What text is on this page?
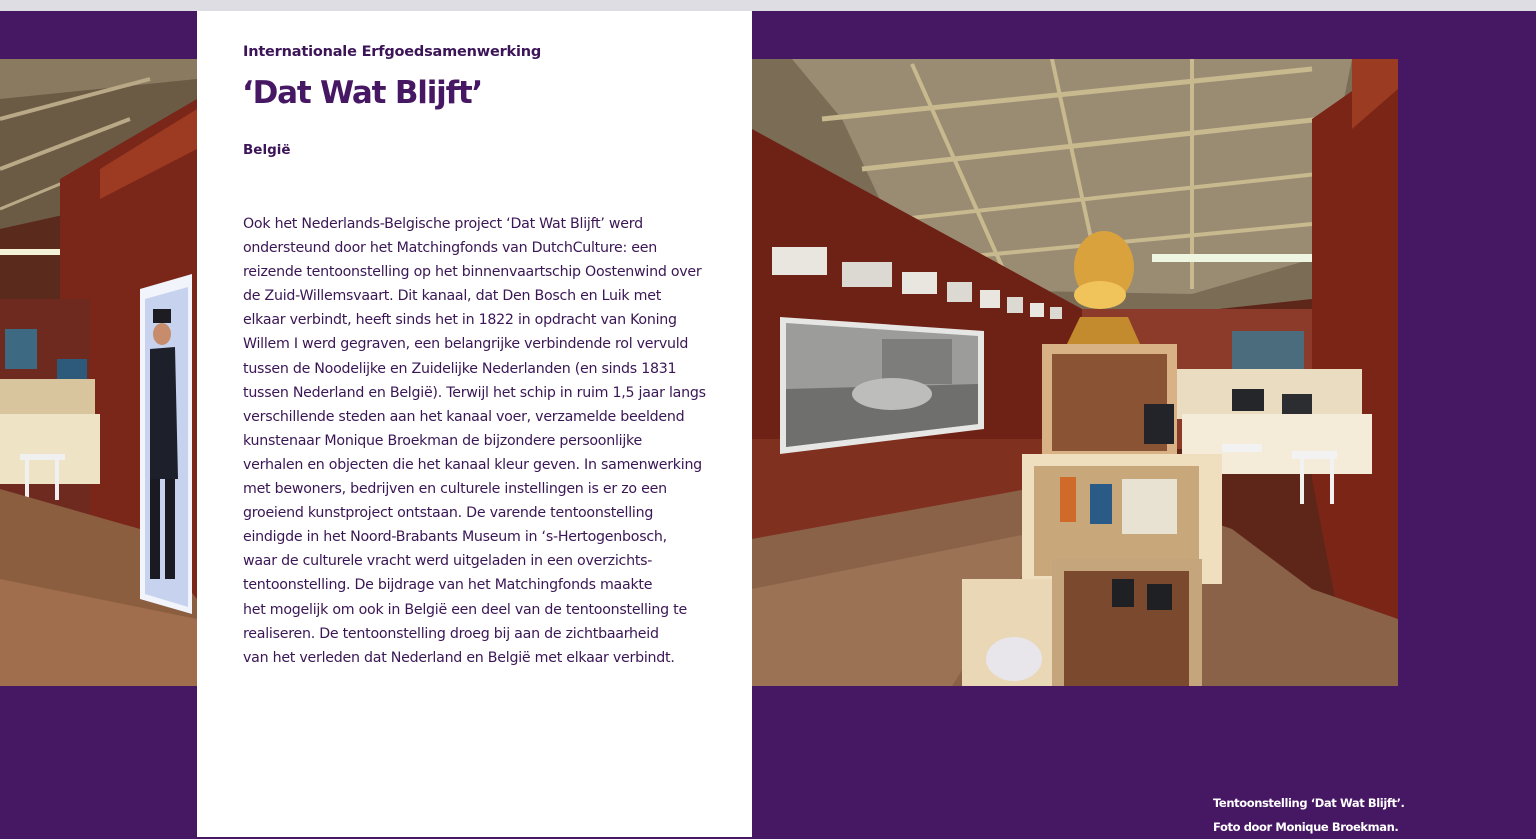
Internationale Erfgoedsamenwerking

‘Dat Wat Blijft’

België

Ook het Nederlands-Belgische project ‘Dat Wat Blijft’ werd
ondersteund door het Matchingfonds van DutchCulture: een
reizende tentoonstelling op het binnenvaartschip Oostenwind over
de Zuid-Willemsvaart. Dit kanaal, dat Den Bosch en Luik met
elkaar verbindt, heeft sinds het in 1822 in opdracht van Koning
Willem I werd gegraven, een belangrijke verbindende rol vervuld
tussen de Noodelijke en Zuidelijke Nederlanden (en sinds 1831
tussen Nederland en België). Terwijl het schip in ruim 1,5 jaar langs
verschillende steden aan het kanaal voer, verzamelde beeldend
kunstenaar Monique Broekman de bijzondere persoonlijke
verhalen en objecten die het kanaal kleur geven. In samenwerking
met bewoners, bedrijven en culturele instellingen is er zo een
groeiend kunstproject ontstaan. De varende tentoonstelling
eindigde in het Noord-Brabants Museum in ‘s-Hertogenbosch,
waar de culturele vracht werd uitgeladen in een overzichts-
tentoonstelling. De bijdrage van het Matchingfonds maakte
het mogelijk om ook in België een deel van de tentoonstelling te
realiseren. De tentoonstelling droeg bij aan de zichtbaarheid
van het verleden dat Nederland en België met elkaar verbindt.

Tentoonstelling ‘Dat Wat Blijft’.
Foto door Monique Broekman.
